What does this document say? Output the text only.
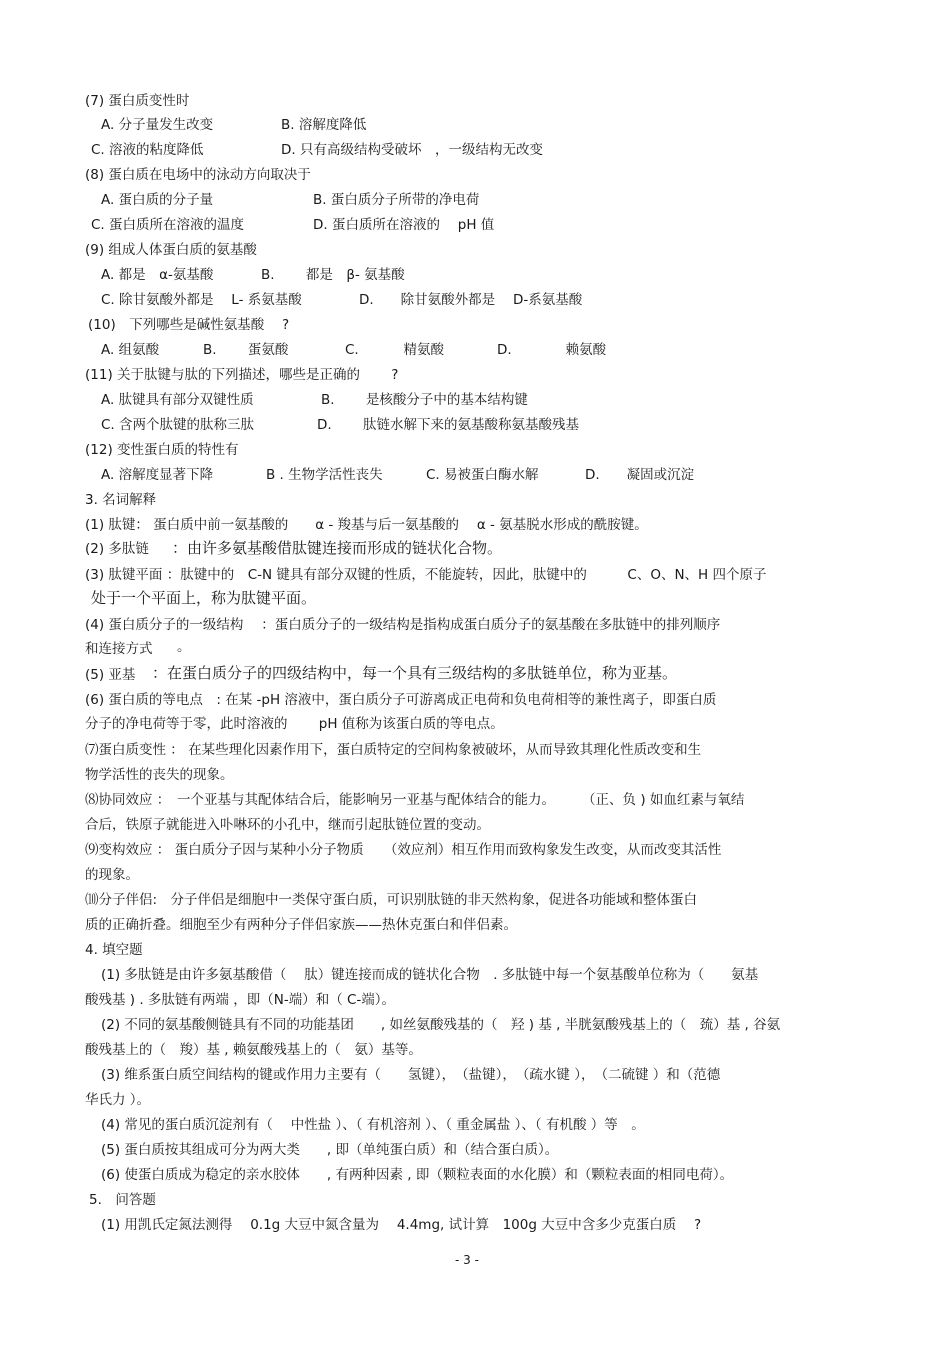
(7) 蛋白质变性时
A. 分子量发生改变	B. 溶解度降低
C. 溶液的粘度降低	D. 只有高级结构受破坏　，一级结构无改变
(8) 蛋白质在电场中的泳动方向取决于
A. 蛋白质的分子量	B. 蛋白质分子所带的净电荷
C. 蛋白质所在溶液的温度	D. 蛋白质所在溶液的　 pH 值
(9) 组成人体蛋白质的氨基酸
A. 都是　α-氨基酸	B.　　 都是　β- 氨基酸
C. 除甘氨酸外都是　 L- 系氨基酸	D.　　除甘氨酸外都是　 D-系氨基酸
(10)　下列哪些是碱性氨基酸　 ?
A. 组氨酸	B.　　 蛋氨酸	C.　　　 精氨酸	D.　　　　赖氨酸
(11) 关于肽键与肽的下列描述，哪些是正确的　　 ?
A. 肽键具有部分双键性质	B.　　 是核酸分子中的基本结构键
C. 含两个肽键的肽称三肽	D.　　 肽链水解下来的氨基酸称氨基酸残基
(12) 变性蛋白质的特性有
A. 溶解度显著下降	B . 生物学活性丧失	C. 易被蛋白酶水解	D.　　凝固或沉淀
3. 名词解释
(1) 肽键： 蛋白质中前一氨基酸的　　α - 羧基与后一氨基酸的　 α - 氨基脱水形成的酰胺键。
(2) 多肽链 ：由许多氨基酸借肽键连接而形成的链状化合物。
(3) 肽键平面 ：肽键中的　C-N 键具有部分双键的性质，不能旋转，因此，肽键中的　　　C、O、N、H 四个原子
处于一个平面上，称为肽键平面。
(4) 蛋白质分子的一级结构　 ：蛋白质分子的一级结构是指构成蛋白质分子的氨基酸在多肽链中的排列顺序
和连接方式 。
(5) 亚基 ：在蛋白质分子的四级结构中，每一个具有三级结构的多肽链单位，称为亚基。
(6) 蛋白质的等电点　: 在某 -pH 溶液中，蛋白质分子可游离成正电荷和负电荷相等的兼性离子，即蛋白质
分子的净电荷等于零，此时溶液的　　 pH 值称为该蛋白质的等电点。
⑺蛋白质变性 ： 在某些理化因素作用下，蛋白质特定的空间构象被破坏，从而导致其理化性质改变和生
物学活性的丧失的现象。
⑻协同效应 ：　一个亚基与其配体结合后，能影响另一亚基与配体结合的能力。　　　（正、负 ) 如血红素与氧结
合后，铁原子就能进入卟啉环的小孔中，继而引起肽链位置的变动。
⑼变构效应 ： 蛋白质分子因与某种小分子物质　　（效应剂）相互作用而致构象发生改变，从而改变其活性
的现象。
⑽分子伴侣:　分子伴侣是细胞中一类保守蛋白质，可识别肽链的非天然构象，促进各功能域和整体蛋白
质的正确折叠。细胞至少有两种分子伴侣家族——热休克蛋白和伴侣素。
4. 填空题
(1) 多肽链是由许多氨基酸借（　 肽）键连接而成的链状化合物　. 多肽链中每一个氨基酸单位称为（　　氨基
酸残基 ) . 多肽链有两端 ，即（N-端）和（ C-端）。
(2) 不同的氨基酸侧链具有不同的功能基团　　, 如丝氨酸残基的（　羟 ) 基 , 半胱氨酸残基上的（　巯）基 , 谷氨
酸残基上的（　羧）基 , 赖氨酸残基上的（　氨）基等。
(3) 维系蛋白质空间结构的键或作用力主要有（　　氢键），　（盐键），　（疏水键 ），　（二硫键 ）和（范德
华氏力 ）。
(4) 常见的蛋白质沉淀剂有（　 中性盐 ）、（ 有机溶剂 ）、（ 重金属盐 ）、（ 有机酸 ）等　。
(5) 蛋白质按其组成可分为两大类　　, 即（单纯蛋白质）和（结合蛋白质）。
(6) 使蛋白质成为稳定的亲水胶体　　, 有两种因素 , 即（颗粒表面的水化膜）和（颗粒表面的相同电荷）。
5.　问答题
(1) 用凯氏定氮法测得　 0.1g 大豆中氮含量为　 4.4mg, 试计算　100g 大豆中含多少克蛋白质　 ?
- 3 -
